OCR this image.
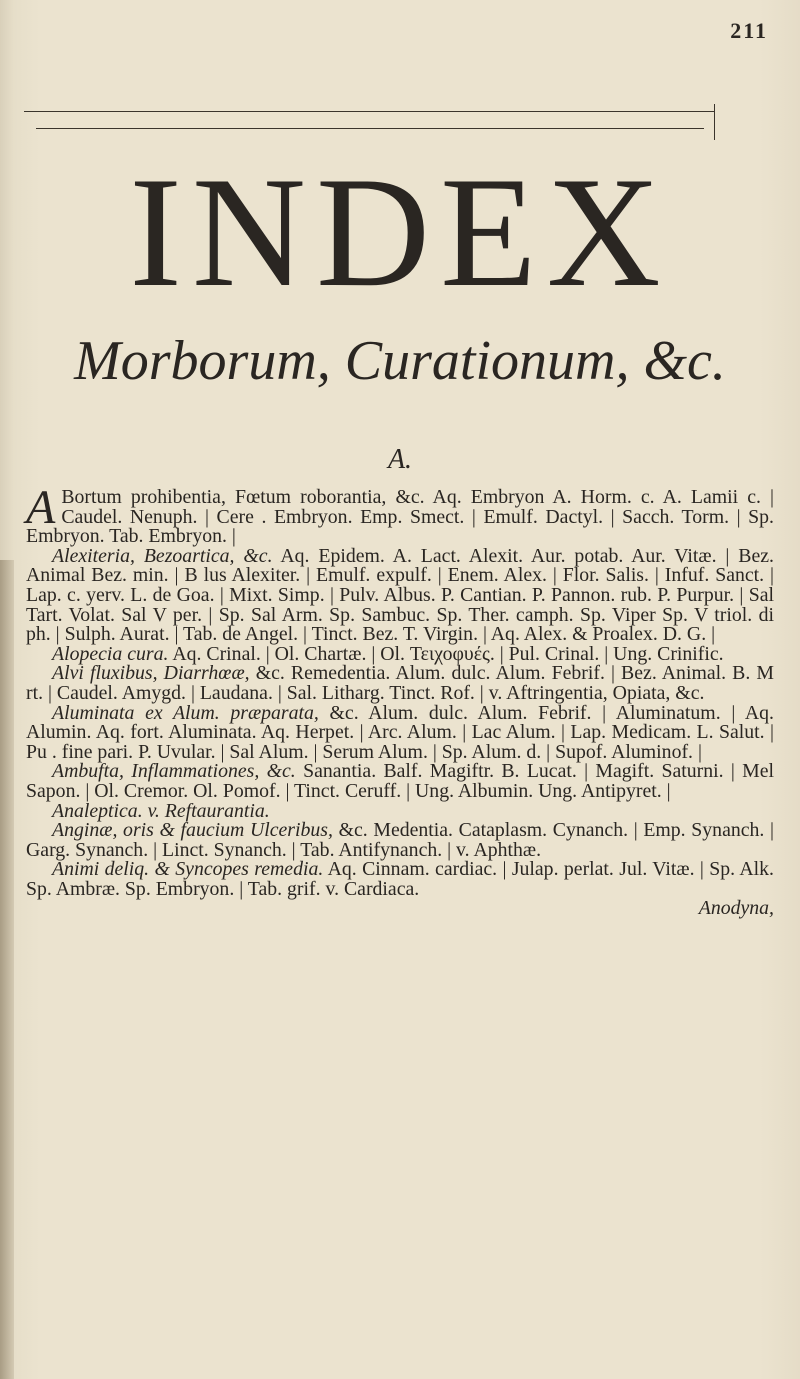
211
INDEX
Morborum, Curationum, &c.
A.

A Bortum prohibentia, Fœtum roborantia, &c. Aq. Embryon A. Horm. c. A. Lamii c. | Caudel. Nenuph. | Cere . Embryon. Emp. Smect. | Emulf. Dactyl. | Sacch. Torm. | Sp. Embryon. Tab. Embryon. |

Alexiteria, Bezoartica, &c. Aq. Epidem. A. Lact. Alexit. Aur. potab. Aur. Vitæ. | Bez. Animal Bez. min. | B lus Alexiter. | Emulf. expulf. | Enem. Alex. | Flor. Salis. | Infuf. Sanct. | Lap. c. yerv. L. de Goa. | Mixt. Simp. | Pulv. Albus. P. Cantian. P. Pannon. rub. P. Purpur. | Sal Tart. Volat. Sal V per. | Sp. Sal Arm. Sp. Sambuc. Sp. Ther. camph. Sp. Viper Sp. V triol. di ph. | Sulph. Aurat. | Tab. de Angel. | Tinct. Bez. T. Virgin. | Aq. Alex. & Proalex. D. G. |

Alopecia cura. Aq. Crinal. | Ol. Chartæ. | Ol. Τειχοφυές. | Pul. Crinal. | Ung. Crinific.

Alvi fluxibus, Diarrhœæ, &c. Remedentia. Alum. dulc. Alum. Febrif. | Bez. Animal. B. M rt. | Caudel. Amygd. | Laudana. | Sal. Litharg. Tinct. Rof. | v. Aftringentia, Opiata, &c.

Aluminata ex Alum. præparata, &c. Alum. dulc. Alum. Febrif. | Aluminatum. | Aq. Alumin. Aq. fort. Aluminata. Aq. Herpet. | Arc. Alum. | Lac Alum. | Lap. Medicam. L. Salut. | Pu . fine pari. P. Uvular. | Sal Alum. | Serum Alum. | Sp. Alum. d. | Supof. Aluminof. |

Ambufta, Inflammationes, &c. Sanantia. Balf. Magiftr. B. Lucat. | Magift. Saturni. | Mel Sapon. | Ol. Cremor. Ol. Pomof. | Tinct. Ceruff. | Ung. Albumin. Ung. Antipyret. |

Analeptica. v. Reftaurantia.

Anginæ, oris & faucium Ulceribus, &c. Medentia. Cataplasm. Cynanch. | Emp. Synanch. | Garg. Synanch. | Linct. Synanch. | Tab. Antifynanch. | v. Aphthæ.

Animi deliq. & Syncopes remedia. Aq. Cinnam. cardiac. | Julap. perlat. Jul. Vitæ. | Sp. Alk. Sp. Ambræ. Sp. Embryon. | Tab. grif. v. Cardiaca.

Anodyna,
